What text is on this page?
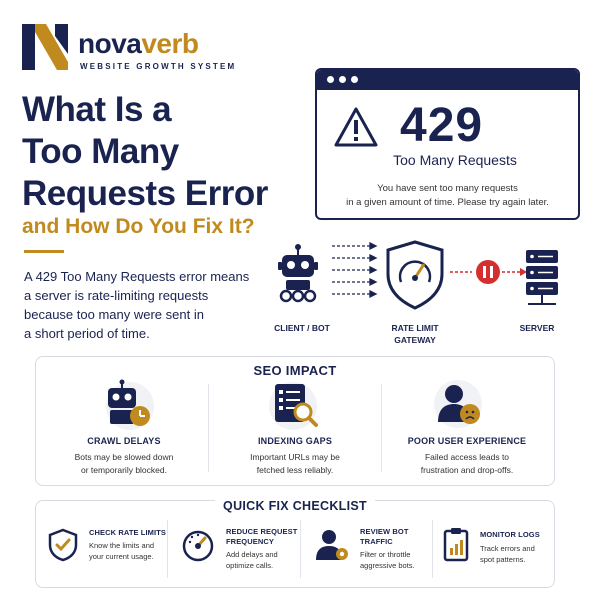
novaverb
WEBSITE GROWTH SYSTEM
What Is a
Too Many
Requests Error
and How Do You Fix It?
A 429 Too Many Requests error means
a server is rate-limiting requests
because too many were sent in
a short period of time.
429
Too Many Requests
You have sent too many requests
in a given amount of time. Please try again later.
CLIENT / BOT	RATE LIMIT
GATEWAY
SERVER
SEO IMPACT
CRAWL DELAYS
Bots may be slowed down
or temporarily blocked.
INDEXING GAPS
Important URLs may be
fetched less reliably.
POOR USER EXPERIENCE
Failed access leads to
frustration and drop-offs.
QUICK FIX CHECKLIST
CHECK RATE LIMITS
Know the limits and
your current usage.
REDUCE REQUEST
FREQUENCY
Add delays and
optimize calls.
REVIEW BOT
TRAFFIC
Filter or throttle
aggressive bots.
MONITOR LOGS
Track errors and
spot patterns.
